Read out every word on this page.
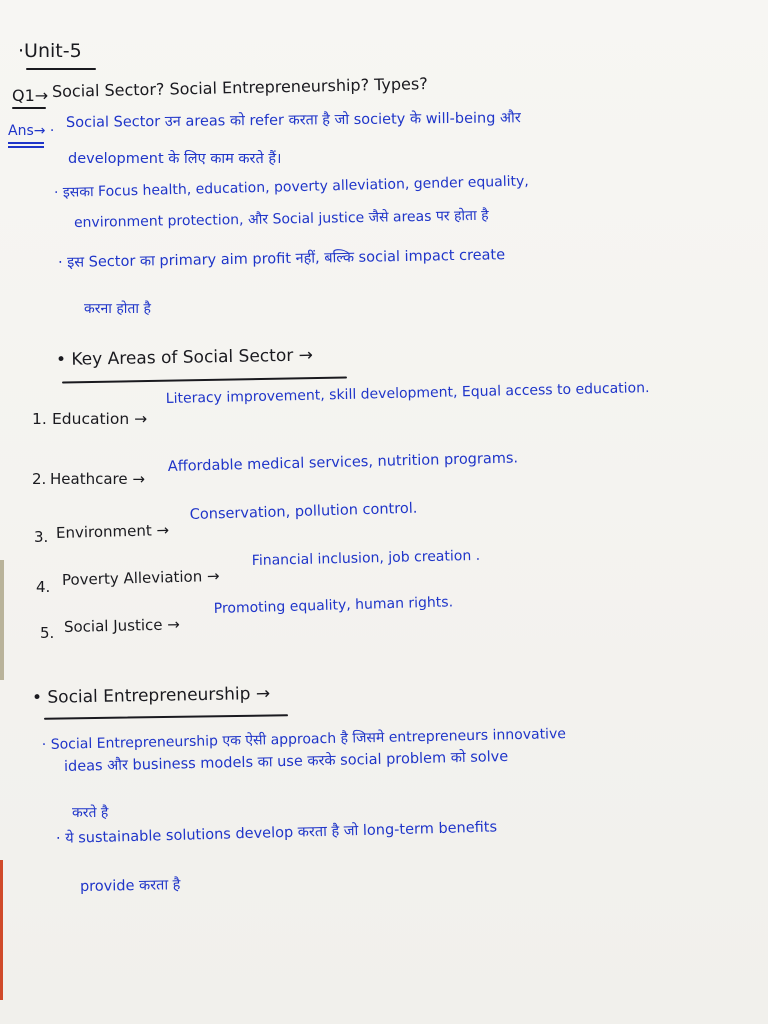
·Unit-5
Q1→ Social Sector? Social Entrepreneurship? Types?
Ans→ ·
Social Sector उन areas को refer करता है जो society के will-being और
development के लिए काम करते हैं।
· इसका Focus health, education, poverty alleviation, gender equality,
environment protection, और Social justice जैसे areas पर होता है
· इस Sector का primary aim profit नहीं, बल्कि social impact create
करना होता है
• Key Areas of Social Sector →
1. Education →
Literacy improvement, skill development, Equal access to education.
2. Heathcare →
Affordable medical services, nutrition programs.
3. Environment →
Conservation, pollution control.
4. Poverty Alleviation →
Financial inclusion, job creation .
5. Social Justice →
Promoting equality, human rights.
• Social Entrepreneurship →
· Social Entrepreneurship एक ऐसी approach है जिसमे entrepreneurs innovative
ideas और business models का use करके social problem को solve
करते है
· ये sustainable solutions develop करता है जो long-term benefits
provide करता है
